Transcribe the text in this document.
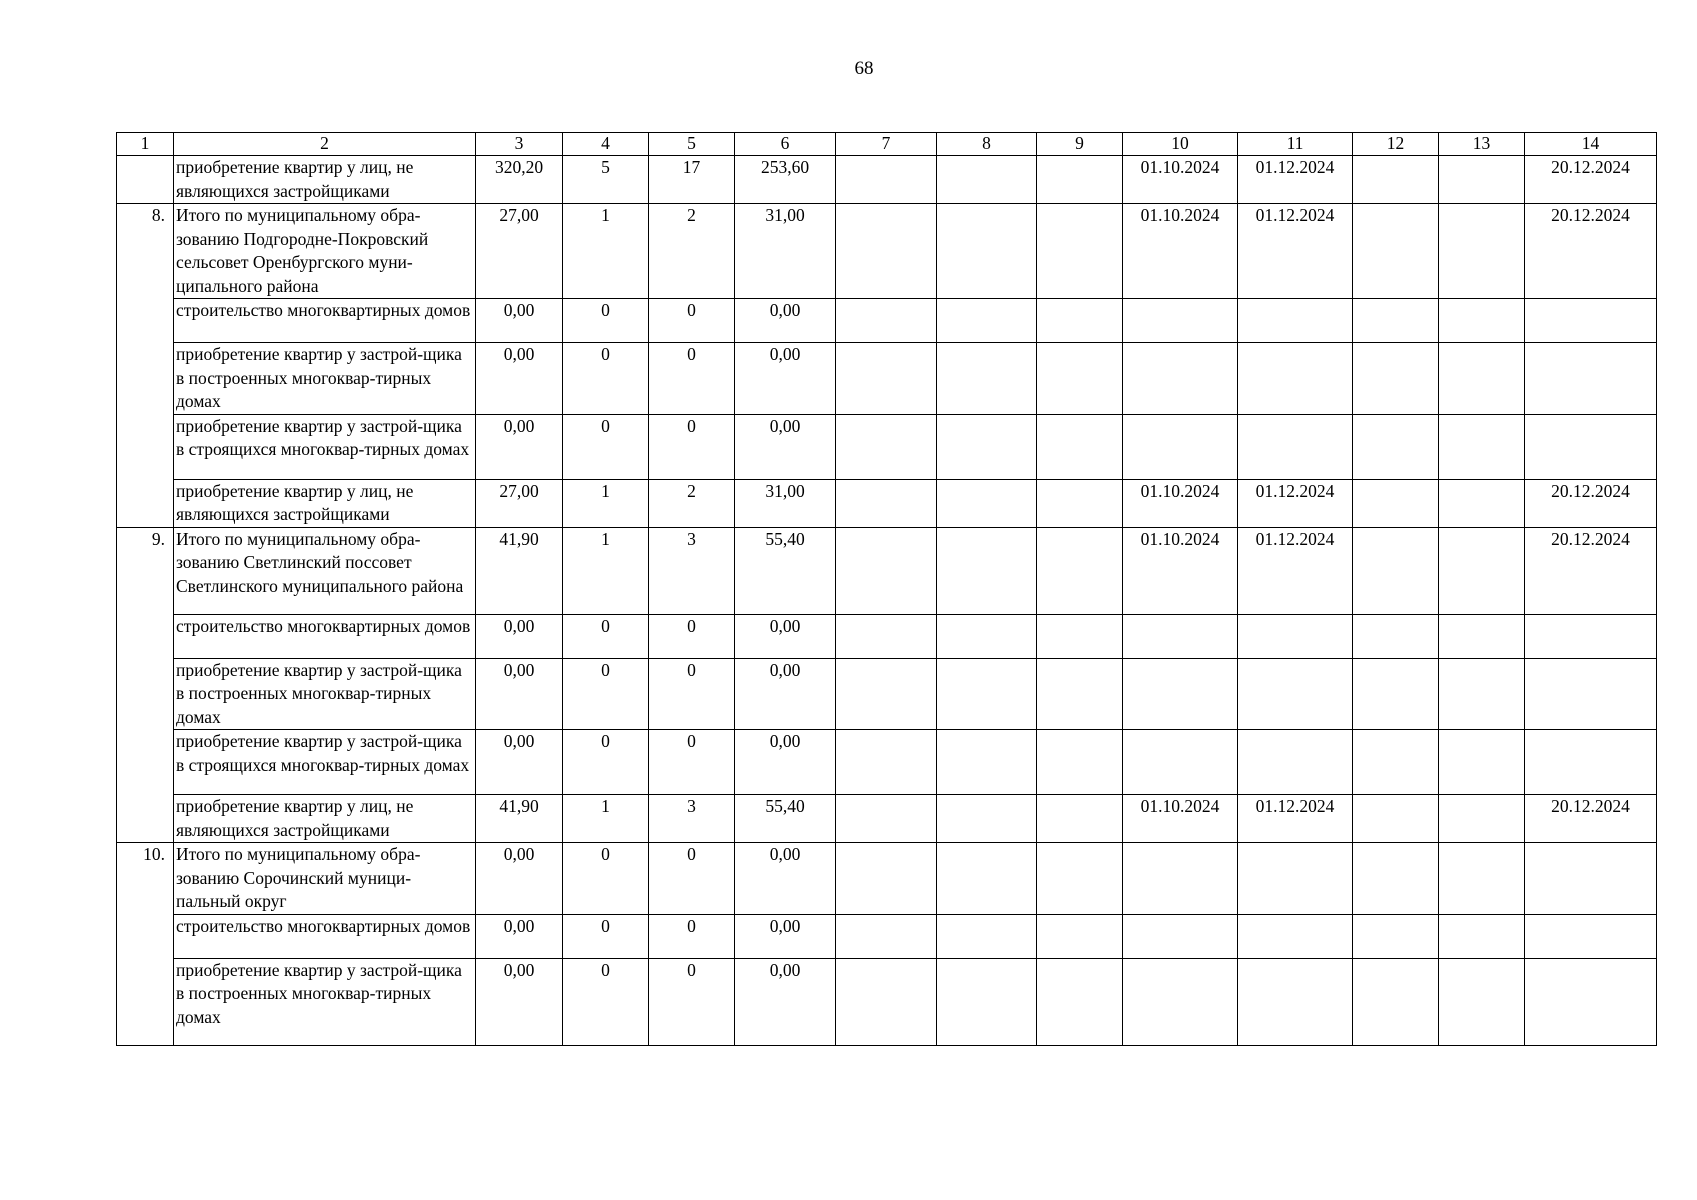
68
1	2	3	4	5	6	7	8	9	10	11	12	13	14
	приобретение квартир у лиц, не являющихся застройщиками	320,20	5	17	253,60				01.10.2024	01.12.2024			20.12.2024
8.	Итого по муниципальному обра-зованию Подгородне-Покровский сельсовет Оренбургского муни-ципального района	27,00	1	2	31,00				01.10.2024	01.12.2024			20.12.2024
	строительство многоквартирных домов	0,00	0	0	0,00								
	приобретение квартир у застрой-щика в построенных многоквар-тирных домах	0,00	0	0	0,00								
	приобретение квартир у застрой-щика в строящихся многоквар-тирных домах	0,00	0	0	0,00								
	приобретение квартир у лиц, не являющихся застройщиками	27,00	1	2	31,00				01.10.2024	01.12.2024			20.12.2024
9.	Итого по муниципальному обра-зованию Светлинский поссовет Светлинского муниципального района	41,90	1	3	55,40				01.10.2024	01.12.2024			20.12.2024
	строительство многоквартирных домов	0,00	0	0	0,00								
	приобретение квартир у застрой-щика в построенных многоквар-тирных домах	0,00	0	0	0,00								
	приобретение квартир у застрой-щика в строящихся многоквар-тирных домах	0,00	0	0	0,00								
	приобретение квартир у лиц, не являющихся застройщиками	41,90	1	3	55,40				01.10.2024	01.12.2024			20.12.2024
10.	Итого по муниципальному обра-зованию Сорочинский муници-пальный округ	0,00	0	0	0,00								
	строительство многоквартирных домов	0,00	0	0	0,00								
	приобретение квартир у застрой-щика в построенных многоквар-тирных домах	0,00	0	0	0,00								
